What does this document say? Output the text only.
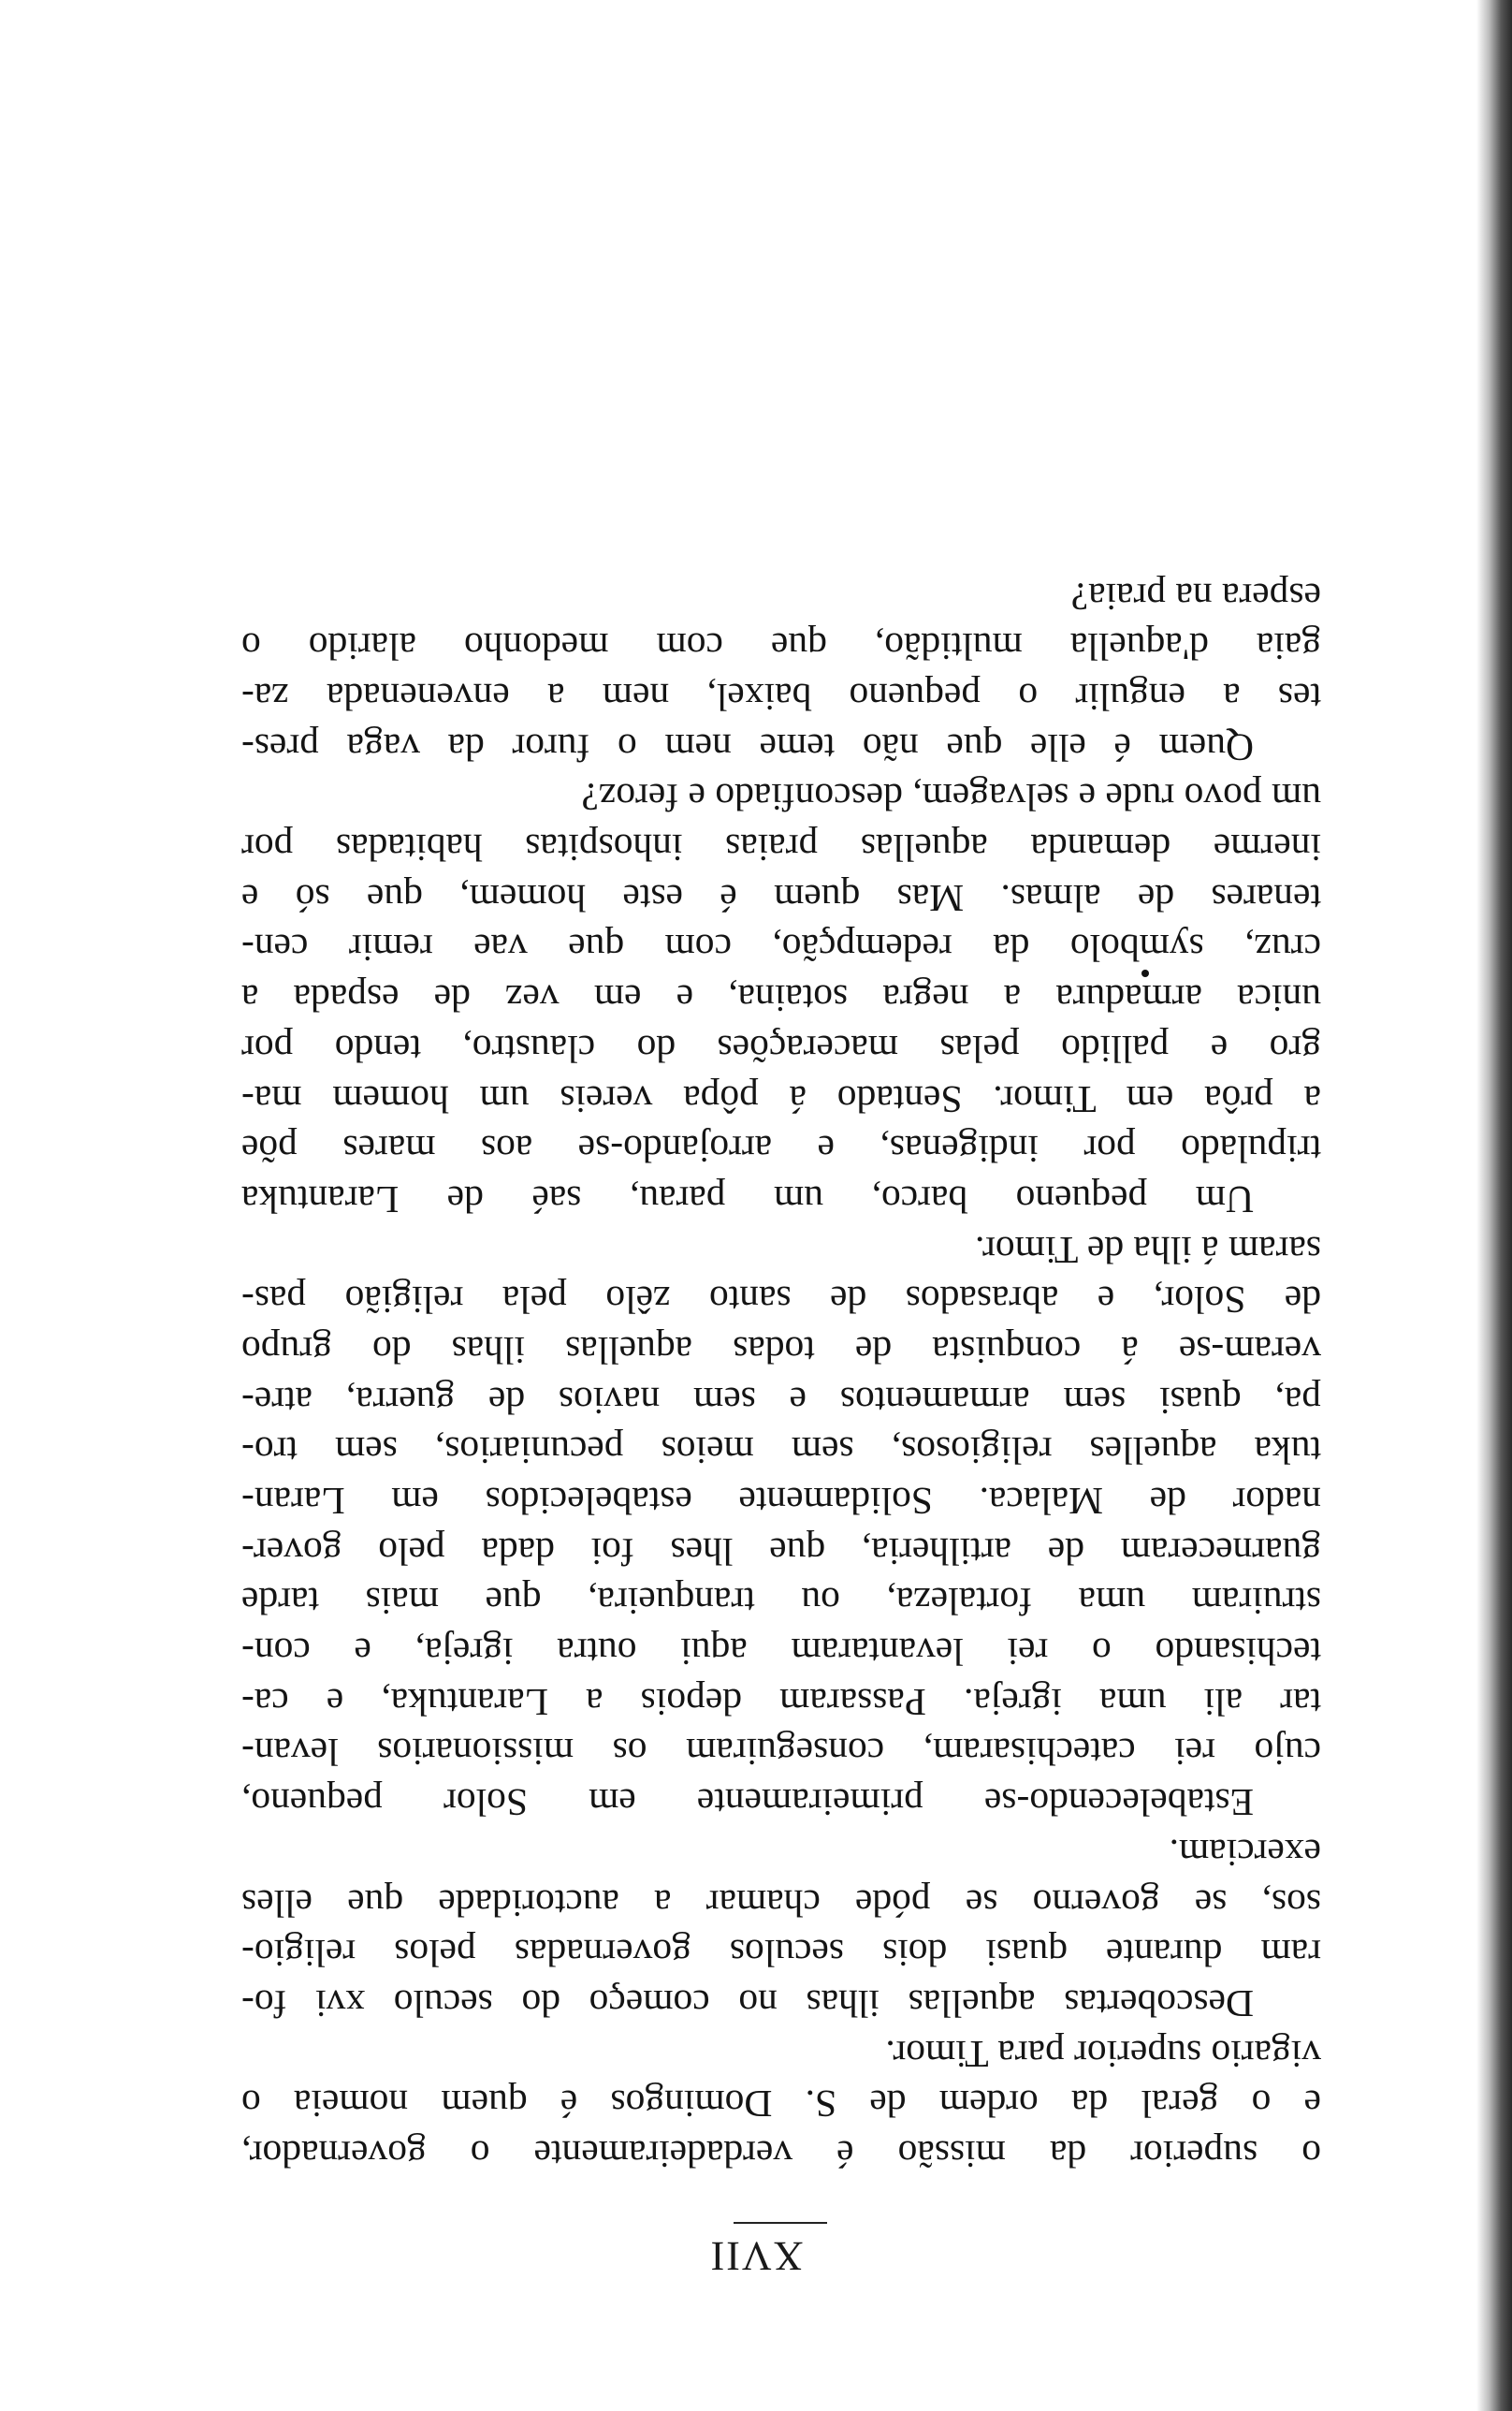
XVII
o superior da missão é verdadeiramente o governador,
e o geral da ordem de S. Domingos é quem nomeia o
vigario superior para Timor.
Descobertas aquellas ilhas no começo do seculo xvi fo-
ram durante quasi dois seculos governadas pelos religio-
sos, se governo se póde chamar a auctoridade que elles
exerciam.
Estabelecendo-se primeiramente em Solor pequeno,
cujo rei catechisaram, conseguiram os missionarios levan-
tar ali uma igreja. Passaram depois a Larantuka, e ca-
techisando o rei levantaram aqui outra igreja, e con-
struiram uma fortaleza, ou tranqueira, que mais tarde
guarneceram de artilheria, que lhes foi dada pelo gover-
nador de Malaca. Solidamente estabelecidos em Laran-
tuka aquelles religiosos, sem meios pecuniarios, sem tro-
pa, quasi sem armamentos e sem navios de guerra, atre-
veram-se á conquista de todas aquellas ilhas do grupo
de Solor, e abrasados de santo zêlo pela religião pas-
saram á ilha de Timor.
Um pequeno barco, um parau, saé de Larantuka
tripulado por indigenas, e arrojando-se aos mares põe
a prôa em Timor. Sentado á pôpa vereis um homem ma-
gro e pallido pelas macerações do claustro, tendo por
unica armadura a negra sotaina, e em vez de espada a
cruz, symbolo da redempção, com que vae remir cen-
tenares de almas. Mas quem é este homem, que só e
inerme demanda aquellas praias inhospitas habitadas por
um povo rude e selvagem, desconfiado e feroz?
Quem é elle que não teme nem o furor da vaga pres-
tes a engulir o pequeno baixel, nem a envenenada za-
gaia d'aquella multidão, que com medonho alarido o
espera na praia?
